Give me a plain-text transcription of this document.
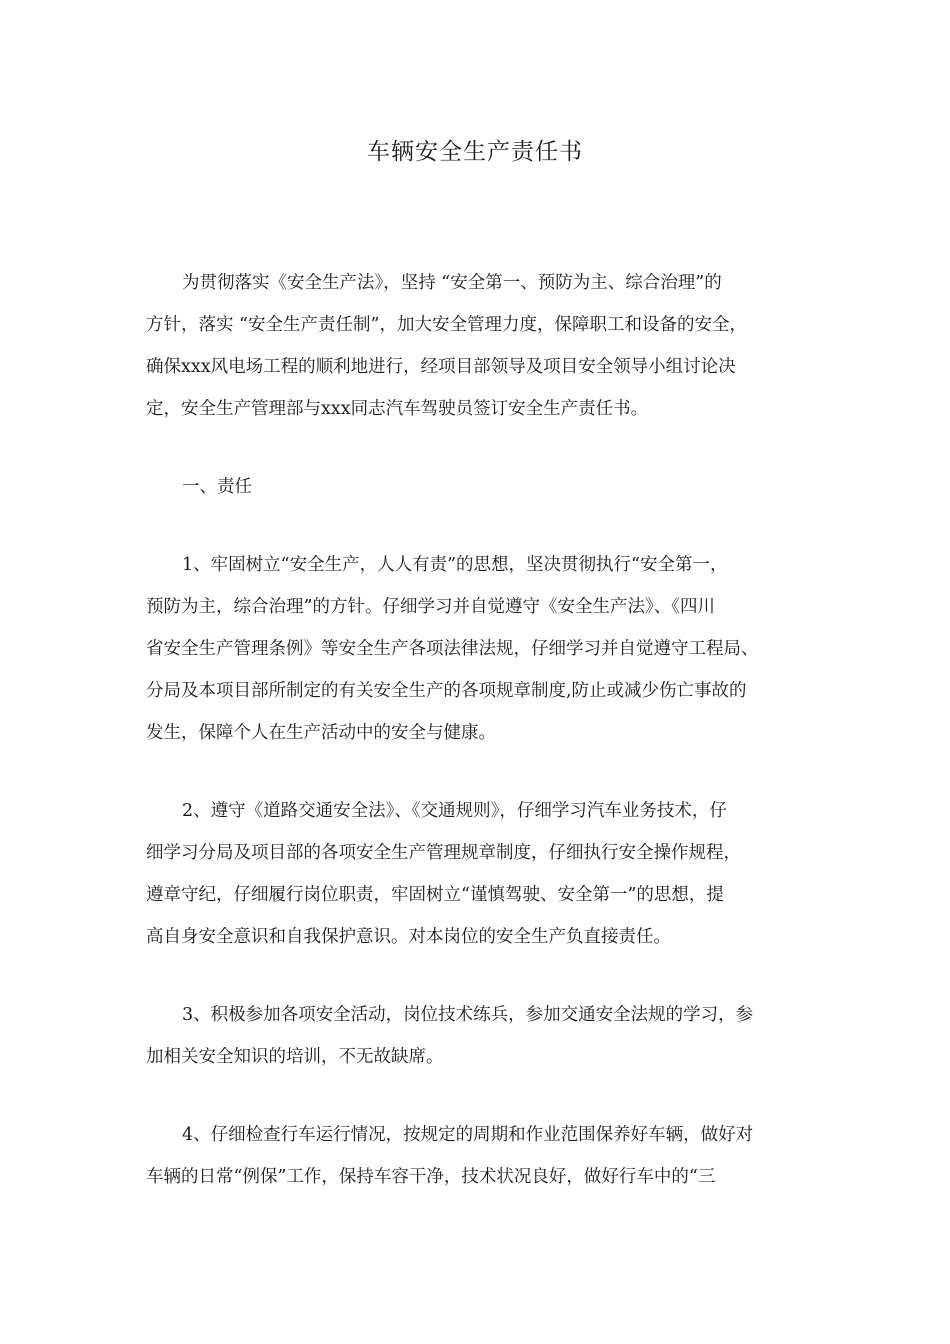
车辆安全生产责任书

为贯彻落实《安全生产法》，坚持 “安全第一、预防为主、综合治理”的
方针，落实 “安全生产责任制”，加大安全管理力度，保障职工和设备的安全，
确保xxx风电场工程的顺利地进行，经项目部领导及项目安全领导小组讨论决
定，安全生产管理部与xxx同志汽车驾驶员签订安全生产责任书。

一、责任

1、牢固树立“安全生产，人人有责”的思想，坚决贯彻执行“安全第一，
预防为主，综合治理”的方针。仔细学习并自觉遵守《安全生产法》、《四川
省安全生产管理条例》等安全生产各项法律法规，仔细学习并自觉遵守工程局、
分局及本项目部所制定的有关安全生产的各项规章制度,防止或减少伤亡事故的
发生，保障个人在生产活动中的安全与健康。

2、遵守《道路交通安全法》、《交通规则》，仔细学习汽车业务技术，仔
细学习分局及项目部的各项安全生产管理规章制度，仔细执行安全操作规程，
遵章守纪，仔细履行岗位职责，牢固树立“谨慎驾驶、安全第一”的思想，提
高自身安全意识和自我保护意识。对本岗位的安全生产负直接责任。

3、积极参加各项安全活动，岗位技术练兵，参加交通安全法规的学习，参
加相关安全知识的培训，不无故缺席。

4、仔细检查行车运行情况，按规定的周期和作业范围保养好车辆，做好对
车辆的日常“例保”工作，保持车容干净，技术状况良好，做好行车中的“三
